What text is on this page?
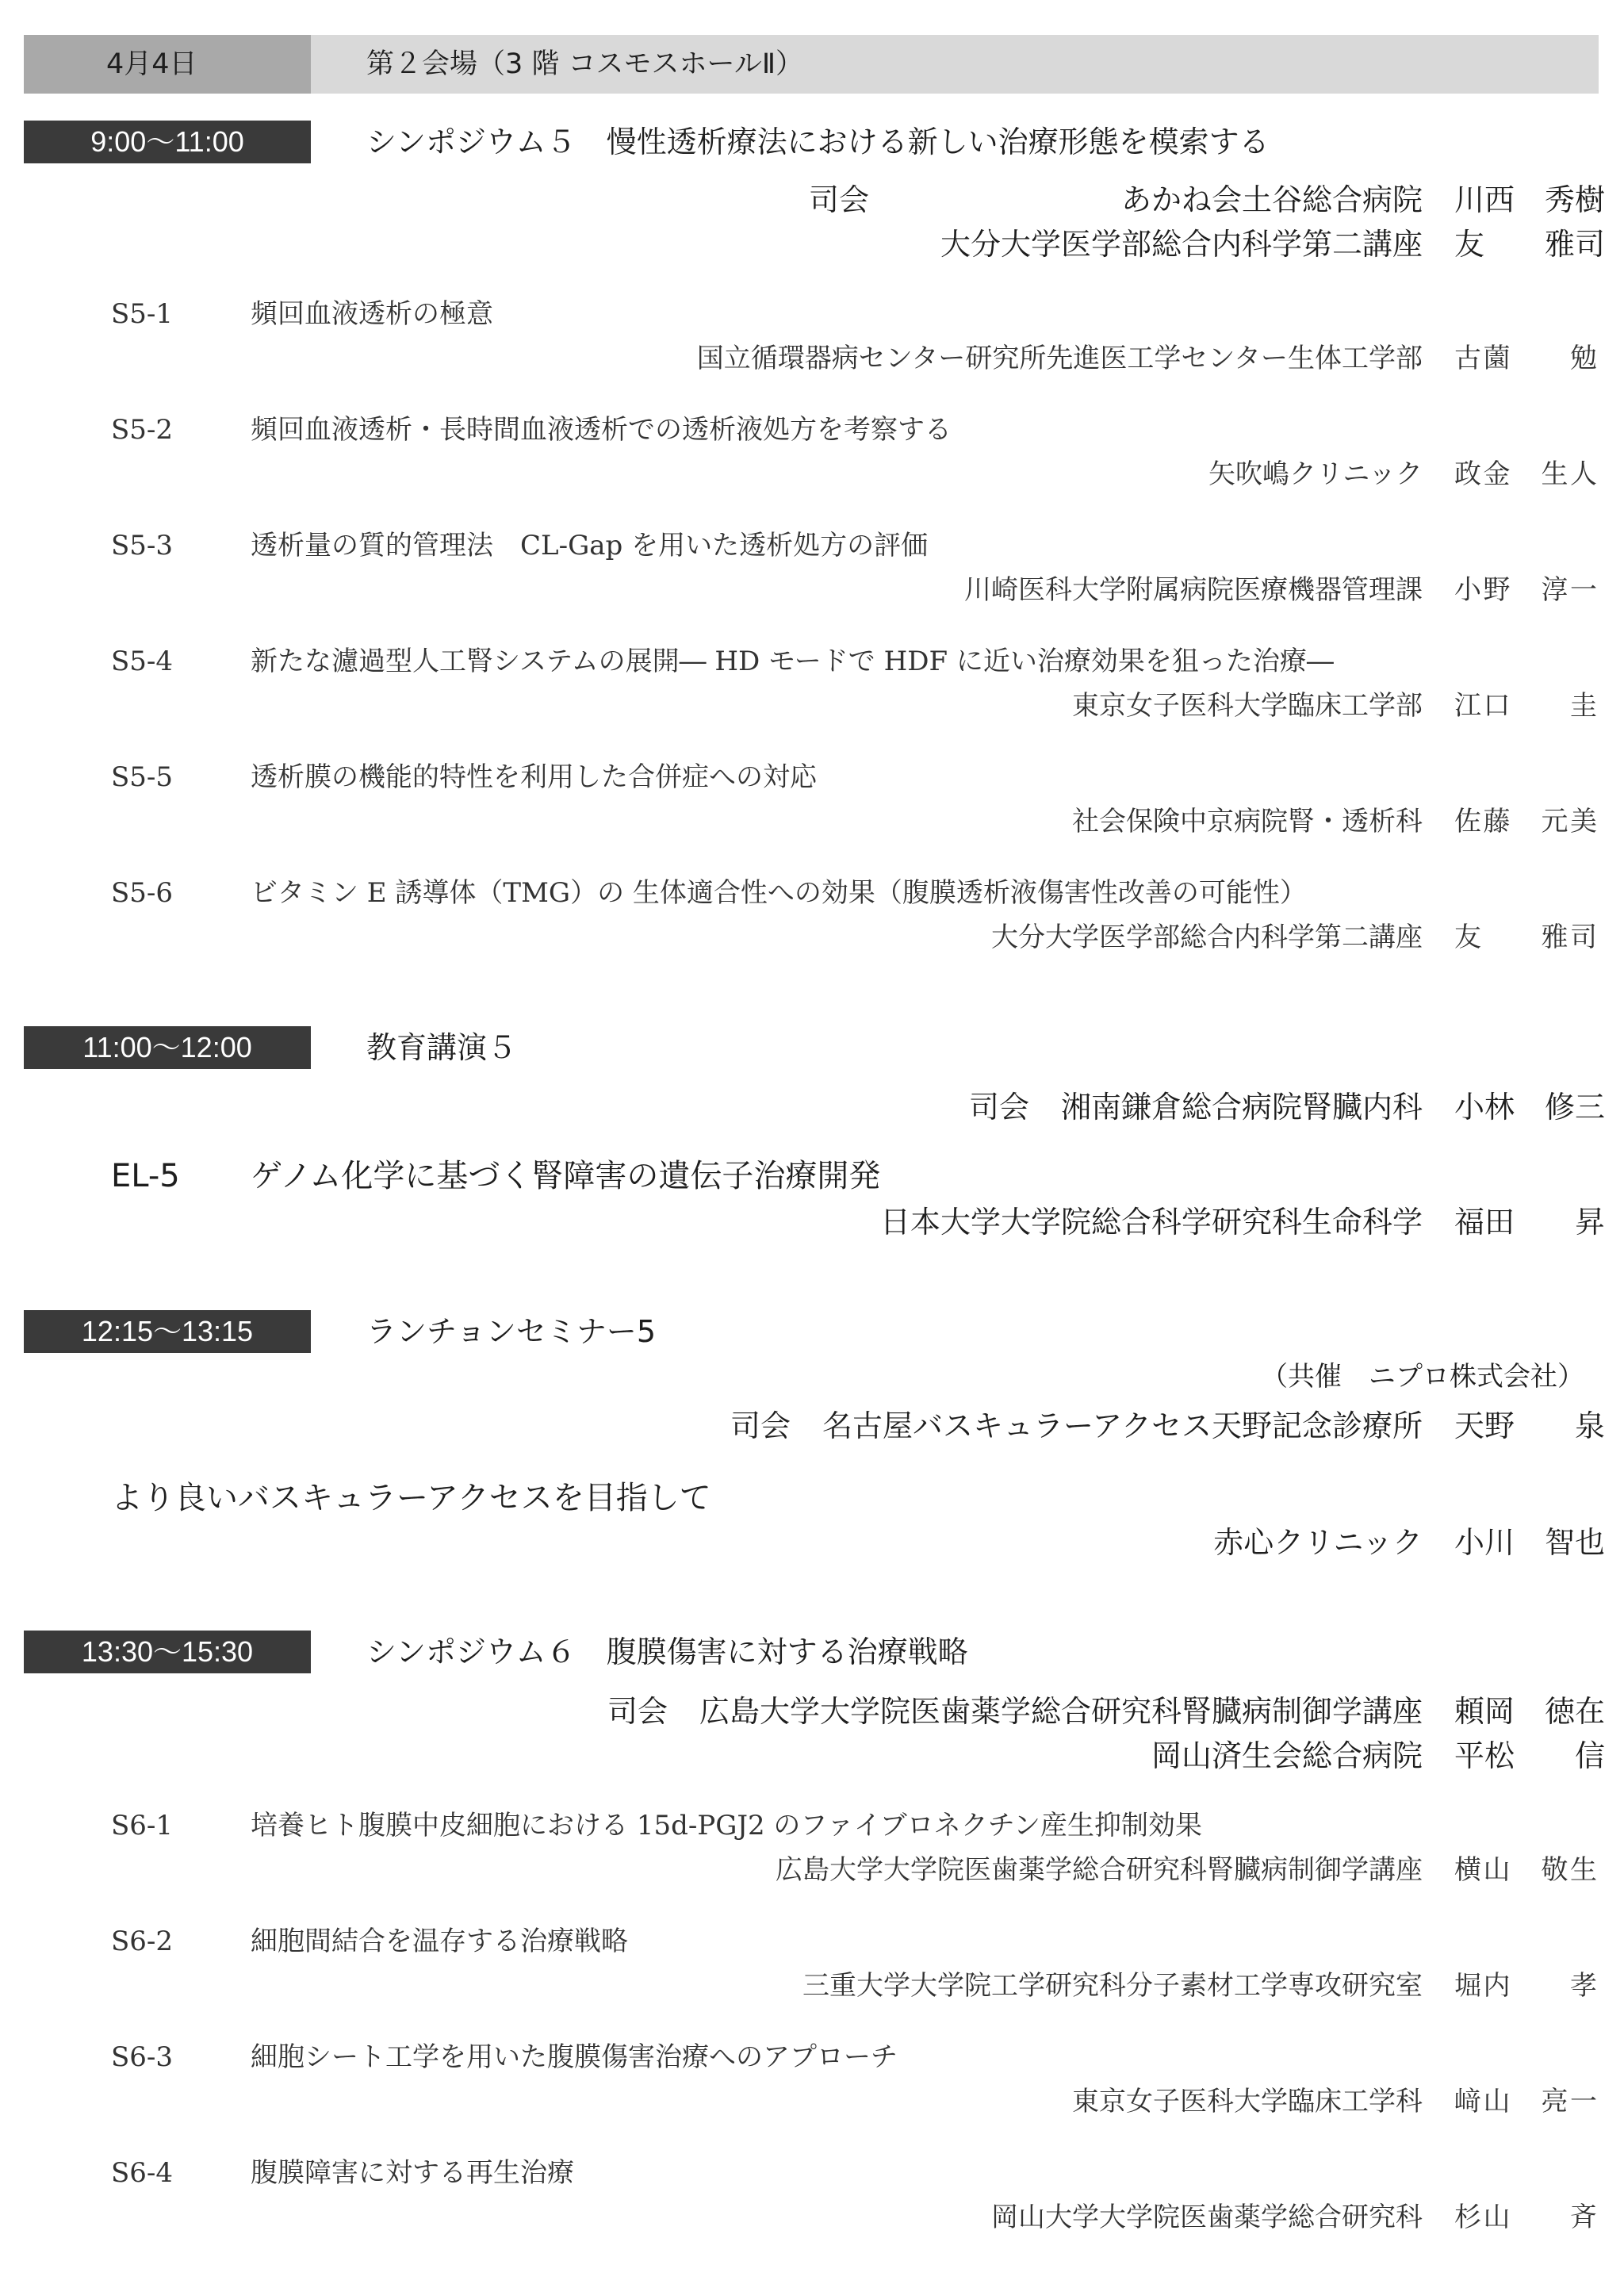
4月4日	第２会場（3 階 コスモスホールⅡ）
9:00～11:00	シンポジウム５　慢性透析療法における新しい治療形態を模索する
司会	あかね会土谷総合病院 川西　秀樹
大分大学医学部総合内科学第二講座 友　　雅司
S5-1	頻回血液透析の極意
国立循環器病センター研究所先進医工学センター生体工学部 古薗　　勉
S5-2	頻回血液透析・長時間血液透析での透析液処方を考察する
矢吹嶋クリニック 政金　生人
S5-3	透析量の質的管理法　CL-Gap を用いた透析処方の評価
川崎医科大学附属病院医療機器管理課 小野　淳一
S5-4	新たな濾過型人工腎システムの展開― HD モードで HDF に近い治療効果を狙った治療―
東京女子医科大学臨床工学部 江口　　圭
S5-5	透析膜の機能的特性を利用した合併症への対応
社会保険中京病院腎・透析科 佐藤　元美
S5-6	ビタミン E 誘導体（TMG）の 生体適合性への効果（腹膜透析液傷害性改善の可能性）
大分大学医学部総合内科学第二講座 友　　雅司
11:00～12:00	教育講演５
司会 湘南鎌倉総合病院腎臓内科 小林　修三
EL-5 ゲノム化学に基づく腎障害の遺伝子治療開発
日本大学大学院総合科学研究科生命科学 福田　　昇
12:15～13:15	ランチョンセミナー5
（共催　ニプロ株式会社）
司会 名古屋バスキュラーアクセス天野記念診療所 天野　　泉
より良いバスキュラーアクセスを目指して
赤心クリニック 小川　智也
13:30～15:30	シンポジウム６　腹膜傷害に対する治療戦略
司会 広島大学大学院医歯薬学総合研究科腎臓病制御学講座 頼岡　徳在
岡山済生会総合病院 平松　　信
S6-1	培養ヒト腹膜中皮細胞における 15d-PGJ2 のファイブロネクチン産生抑制効果
広島大学大学院医歯薬学総合研究科腎臓病制御学講座 横山　敬生
S6-2	細胞間結合を温存する治療戦略
三重大学大学院工学研究科分子素材工学専攻研究室 堀内　　孝
S6-3	細胞シート工学を用いた腹膜傷害治療へのアプローチ
東京女子医科大学臨床工学科 﨑山　亮一
S6-4	腹膜障害に対する再生治療
岡山大学大学院医歯薬学総合研究科 杉山　　斉
